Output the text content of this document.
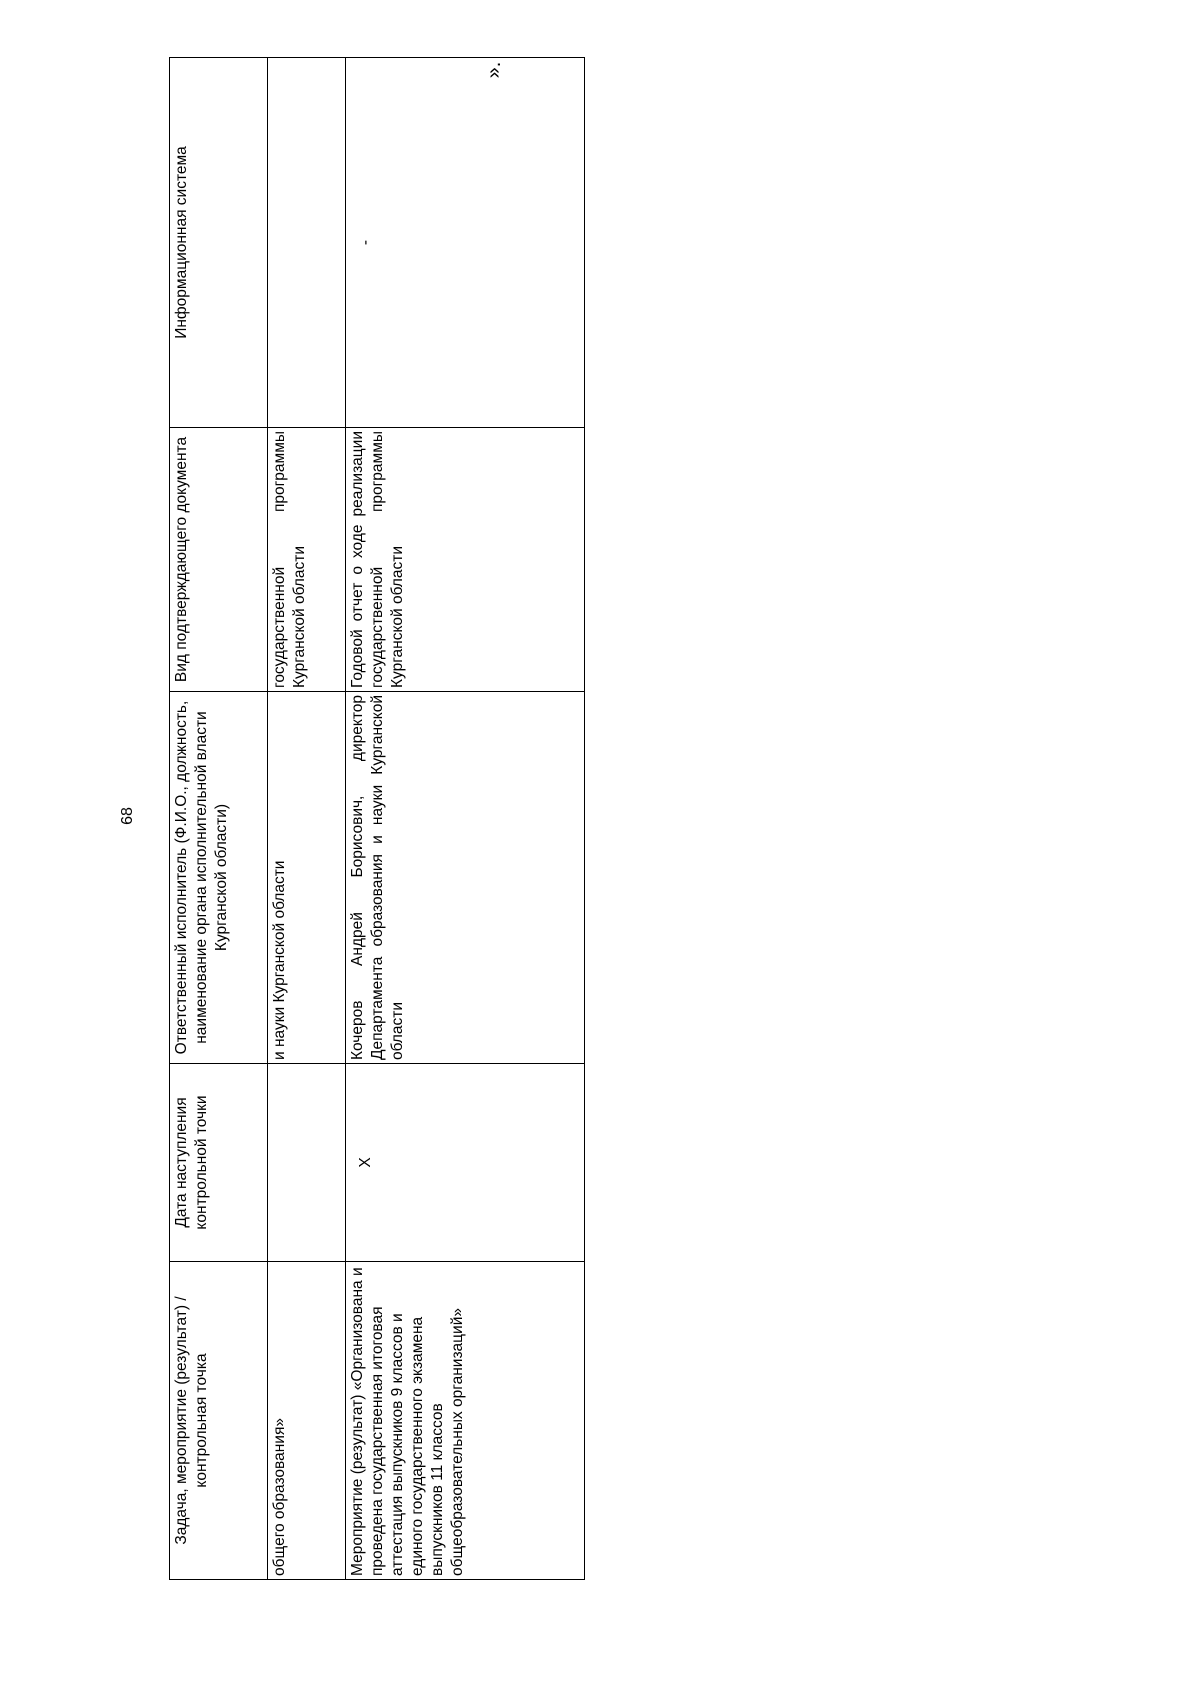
68
».
Задача, мероприятие (результат) / контрольная точка	Дата наступления контрольной точки	Ответственный исполнитель (Ф.И.О., должность, наименование органа исполнительной власти Курганской области)	Вид подтверждающего документа	Информационная система
общего образования»		и науки Курганской области	государственной программы Курганской области	
Мероприятие (результат) «Организована и проведена государственная итоговая аттестация выпускников 9 классов и единого государственного экзамена выпускников 11 классов общеобразовательных организаций»	Х	Кочеров Андрей Борисович, директор Департамента образования и науки Курганской области	Годовой отчет о ходе реализации государственной программы Курганской области	-
